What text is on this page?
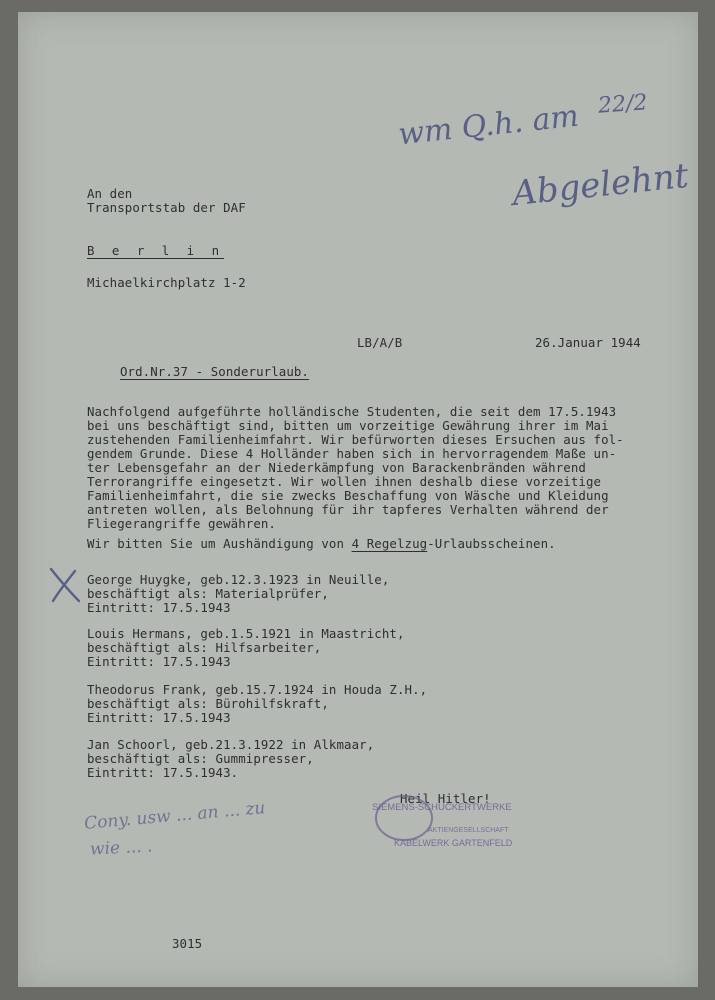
wm Q.h. am 22/2
Abgelehnt
An den
Transportstab der DAF
B e r l i n
Michaelkirchplatz 1-2
LB/A/B	26.Januar 1944
Ord.Nr.37 - Sonderurlaub.
Nachfolgend aufgeführte holländische Studenten, die seit dem 17.5.1943
bei uns beschäftigt sind, bitten um vorzeitige Gewährung ihrer im Mai
zustehenden Familienheimfahrt. Wir befürworten dieses Ersuchen aus fol-
gendem Grunde. Diese 4 Holländer haben sich in hervorragendem Maße un-
ter Lebensgefahr an der Niederkämpfung von Barackenbränden während
Terrorangriffe eingesetzt. Wir wollen ihnen deshalb diese vorzeitige
Familienheimfahrt, die sie zwecks Beschaffung von Wäsche und Kleidung
antreten wollen, als Belohnung für ihr tapferes Verhalten während der
Fliegerangriffe gewähren.
Wir bitten Sie um Aushändigung von 4 Regelzug-Urlaubsscheinen.
George Huygke, geb.12.3.1923 in Neuille,
beschäftigt als: Materialprüfer,
Eintritt: 17.5.1943
Louis Hermans, geb.1.5.1921 in Maastricht,
beschäftigt als: Hilfsarbeiter,
Eintritt: 17.5.1943
Theodorus Frank, geb.15.7.1924 in Houda Z.H.,
beschäftigt als: Bürohilfskraft,
Eintritt: 17.5.1943
Jan Schoorl, geb.21.3.1922 in Alkmaar,
beschäftigt als: Gummipresser,
Eintritt: 17.5.1943.
Heil Hitler!
SIEMENS-SCHUCKERTWERKE
AKTIENGESELLSCHAFT
KABELWERK GARTENFELD
Cony. usw ... an ... zu
wie ... .
3015
